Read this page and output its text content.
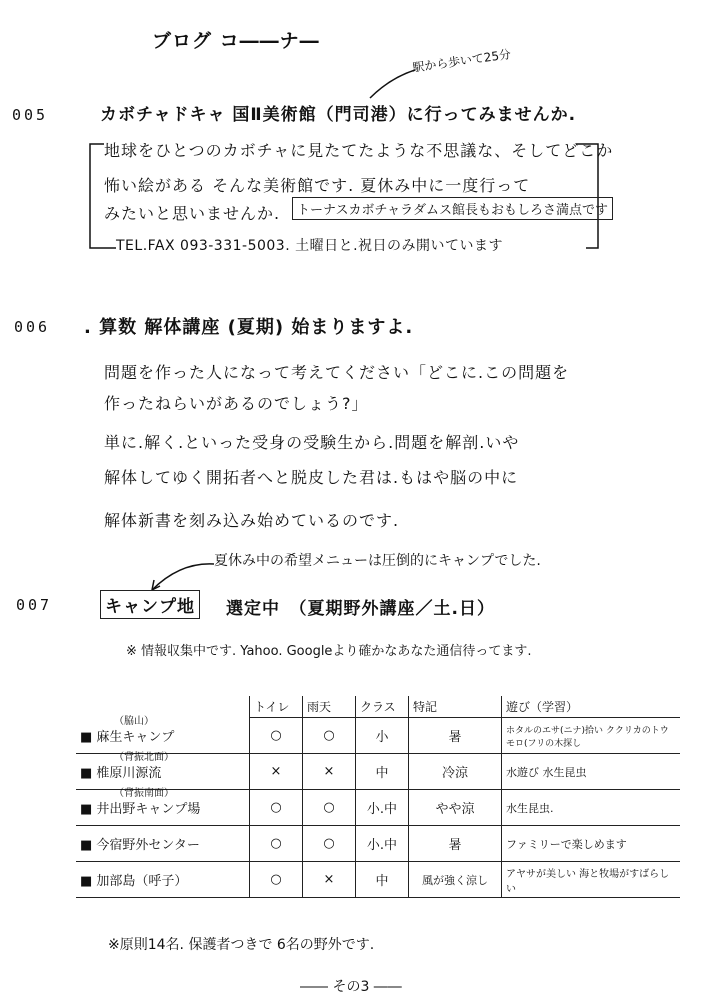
ブログ コ――ナ―
駅から歩いて25分
005	カボチャドキャ 国Ⅱ美術館（門司港）に行ってみませんか.
地球をひとつのカボチャに見たてたような不思議な、そしてどこか
怖い絵がある そんな美術館です. 夏休み中に一度行って
みたいと思いませんか.	トーナスカボチャラダムス館長もおもしろさ満点です
TEL.FAX 093-331-5003. 土曜日と.祝日のみ開いています
006 . 算数 解体講座 (夏期) 始まりますよ.
問題を作った人になって考えてください「どこに.この問題を
作ったねらいがあるのでしょう?」
単に.解く.といった受身の受験生から.問題を解剖.いや
解体してゆく開拓者へと脱皮した君は.もはや脳の中に
解体新書を刻み込み始めているのです.
夏休み中の希望メニューは圧倒的にキャンプでした.
007	キャンプ地 選定中　（夏期野外講座／土.日）
※ 情報収集中です. Yahoo. Googleより確かなあなた通信待ってます.
	トイレ	雨天	クラス	特記	遊び（学習）

（脇山）
■ 麻生キャンプ	○	○	小	暑	ホタルのエサ(ニナ)拾い ククリカのトウモロ(フリの木探し

（背振北面）
■ 椎原川源流	×	×	中	冷涼	水遊び 水生昆虫

（背振南面）
■ 井出野キャンプ場	○	○	小.中	やや涼	水生昆虫.

■ 今宿野外センター	○	○	小.中	暑	ファミリーで楽しめます

■ 加部島（呼子）	○	×	中	風が強く涼し	アヤサが美しい 海と牧場がすばらしい
※原則14名. 保護者つきで 6名の野外です.
―― その3 ――
